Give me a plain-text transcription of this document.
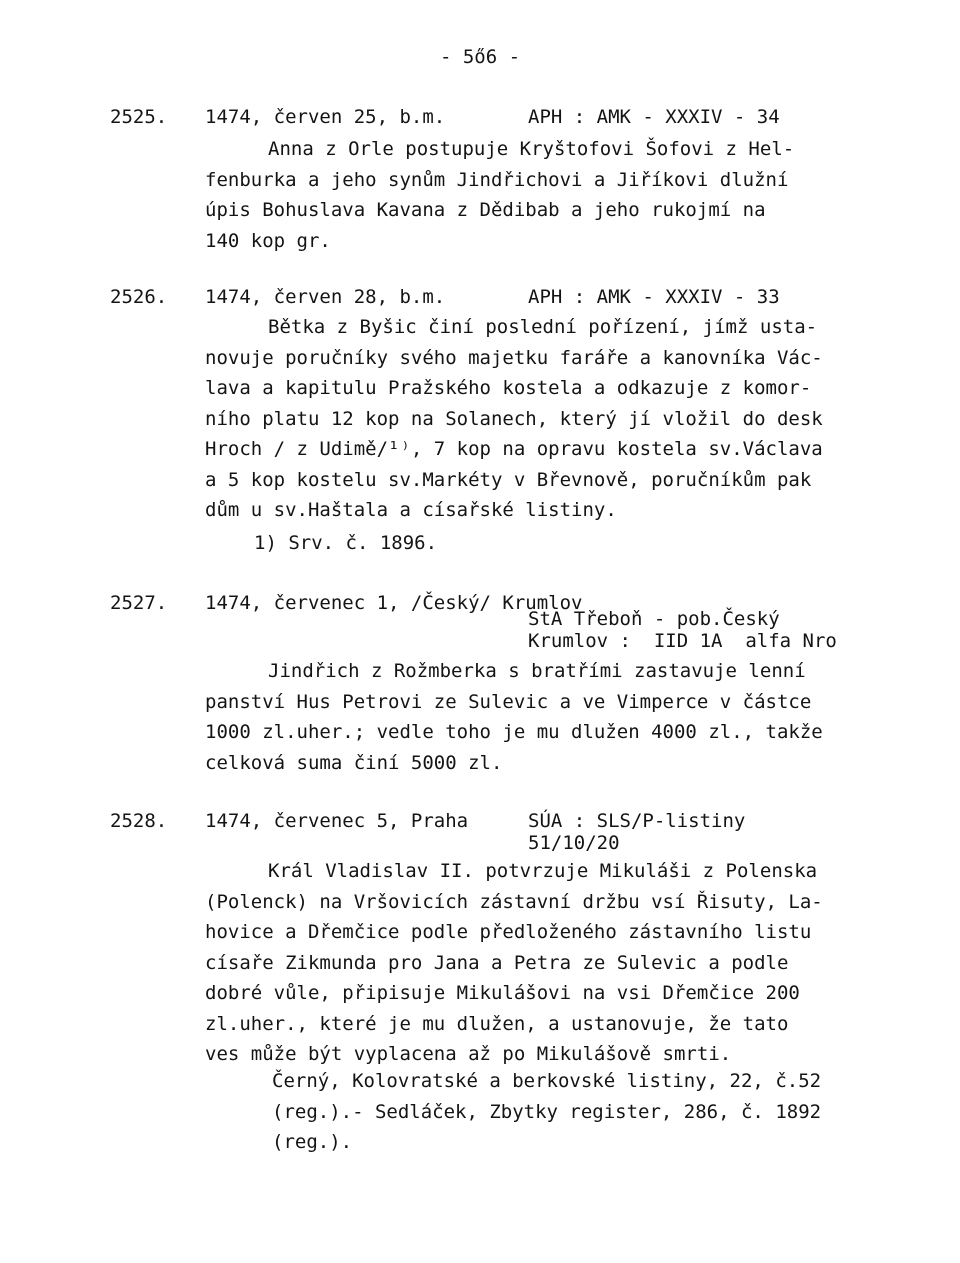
- 5ő6 -
2525. 1474, červen 25, b.m.	APH : AMK - XXXIV - 34
Anna z Orle postupuje Kryštofovi Šofovi z Hel-
fenburka a jeho synům Jindřichovi a Jiříkovi dlužní
úpis Bohuslava Kavana z Dědibab a jeho rukojmí na
140 kop gr.
2526. 1474, červen 28, b.m.	APH : AMK - XXXIV - 33
Bětka z Byšic činí poslední pořízení, jímž usta-
novuje poručníky svého majetku faráře a kanovníka Vác-
lava a kapitulu Pražského kostela a odkazuje z komor-
ního platu 12 kop na Solanech, který jí vložil do desk
Hroch / z Udimě/¹⁾, 7 kop na opravu kostela sv.Václava
a 5 kop kostelu sv.Markéty v Břevnově, poručníkům pak
dům u sv.Haštala a císařské listiny.
1) Srv. č. 1896.
2527. 1474, červenec 1, /Český/ Krumlov
StA Třeboň - pob.Český
Krumlov :  IID 1A  alfa Nro
Jindřich z Rožmberka s bratřími zastavuje lenní
panství Hus Petrovi ze Sulevic a ve Vimperce v částce
1000 zl.uher.; vedle toho je mu dlužen 4000 zl., takže
celková suma činí 5000 zl.
2528. 1474, červenec 5, Praha	SÚA : SLS/P-listiny
51/10/20
Král Vladislav II. potvrzuje Mikuláši z Polenska
(Polenck) na Vršovicích zástavní držbu vsí Řisuty, La-
hovice a Dřemčice podle předloženého zástavního listu
císaře Zikmunda pro Jana a Petra ze Sulevic a podle
dobré vůle, připisuje Mikulášovi na vsi Dřemčice 200
zl.uher., které je mu dlužen, a ustanovuje, že tato
ves může být vyplacena až po Mikulášově smrti.
Černý, Kolovratské a berkovské listiny, 22, č.52
(reg.).- Sedláček, Zbytky register, 286, č. 1892
(reg.).
